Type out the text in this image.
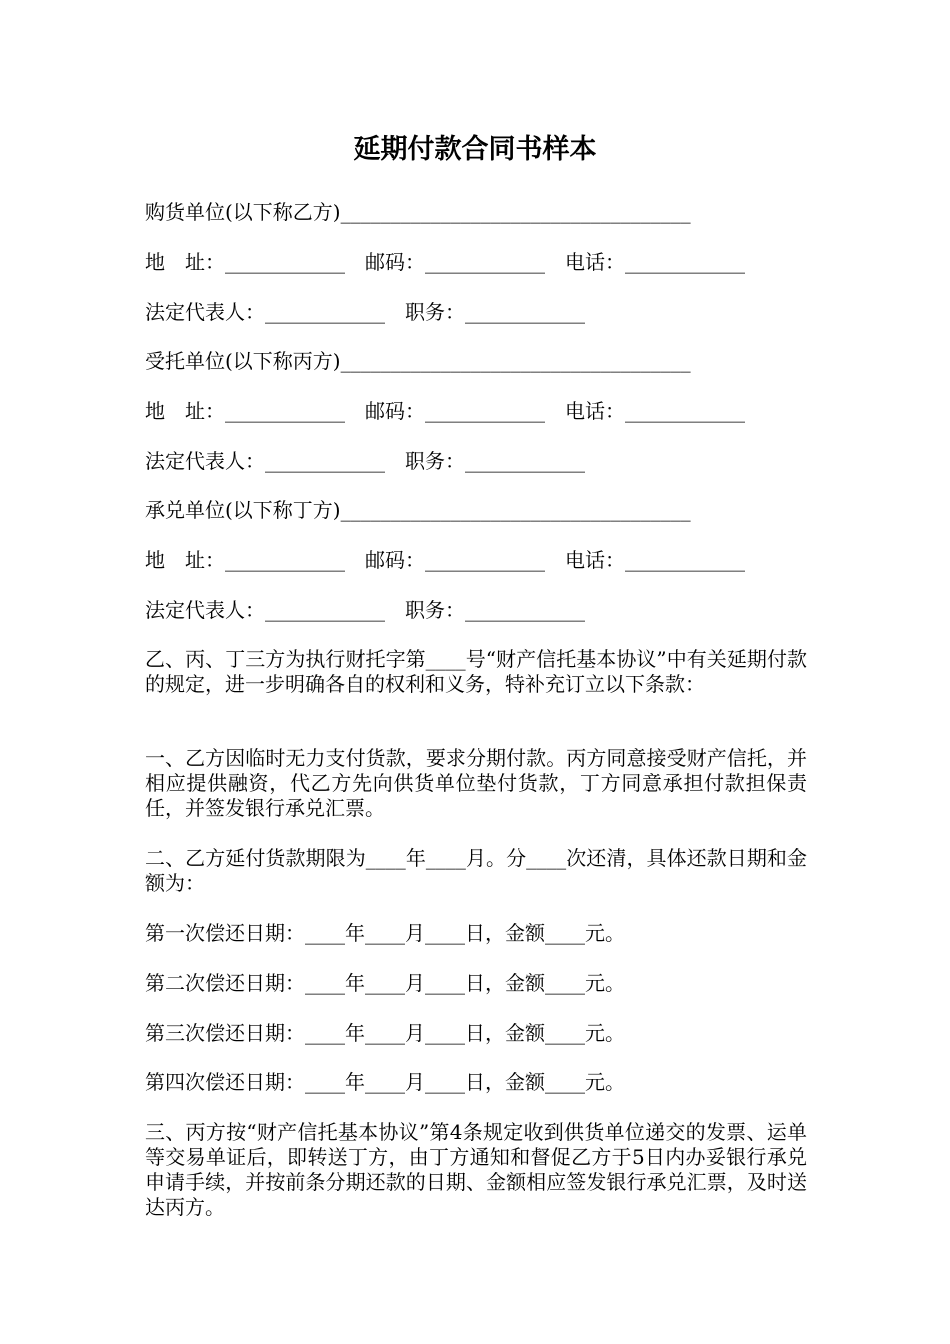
延期付款合同书样本
购货单位(以下称乙方)___________________________________
地　址：____________　邮码：____________　电话：____________
法定代表人：____________　职务：____________
受托单位(以下称丙方)___________________________________
地　址：____________　邮码：____________　电话：____________
法定代表人：____________　职务：____________
承兑单位(以下称丁方)___________________________________
地　址：____________　邮码：____________　电话：____________
法定代表人：____________　职务：____________
乙、丙、丁三方为执行财托字第____号“财产信托基本协议”中有关延期付款的规定，进一步明确各自的权利和义务，特补充订立以下条款：
一、乙方因临时无力支付货款，要求分期付款。丙方同意接受财产信托，并相应提供融资，代乙方先向供货单位垫付货款，丁方同意承担付款担保责任，并签发银行承兑汇票。
二、乙方延付货款期限为____年____月。分____次还清，具体还款日期和金额为：
第一次偿还日期：____年____月____日，金额____元。
第二次偿还日期：____年____月____日，金额____元。
第三次偿还日期：____年____月____日，金额____元。
第四次偿还日期：____年____月____日，金额____元。
三、丙方按“财产信托基本协议”第4条规定收到供货单位递交的发票、运单等交易单证后，即转送丁方，由丁方通知和督促乙方于5日内办妥银行承兑申请手续，并按前条分期还款的日期、金额相应签发银行承兑汇票，及时送达丙方。
